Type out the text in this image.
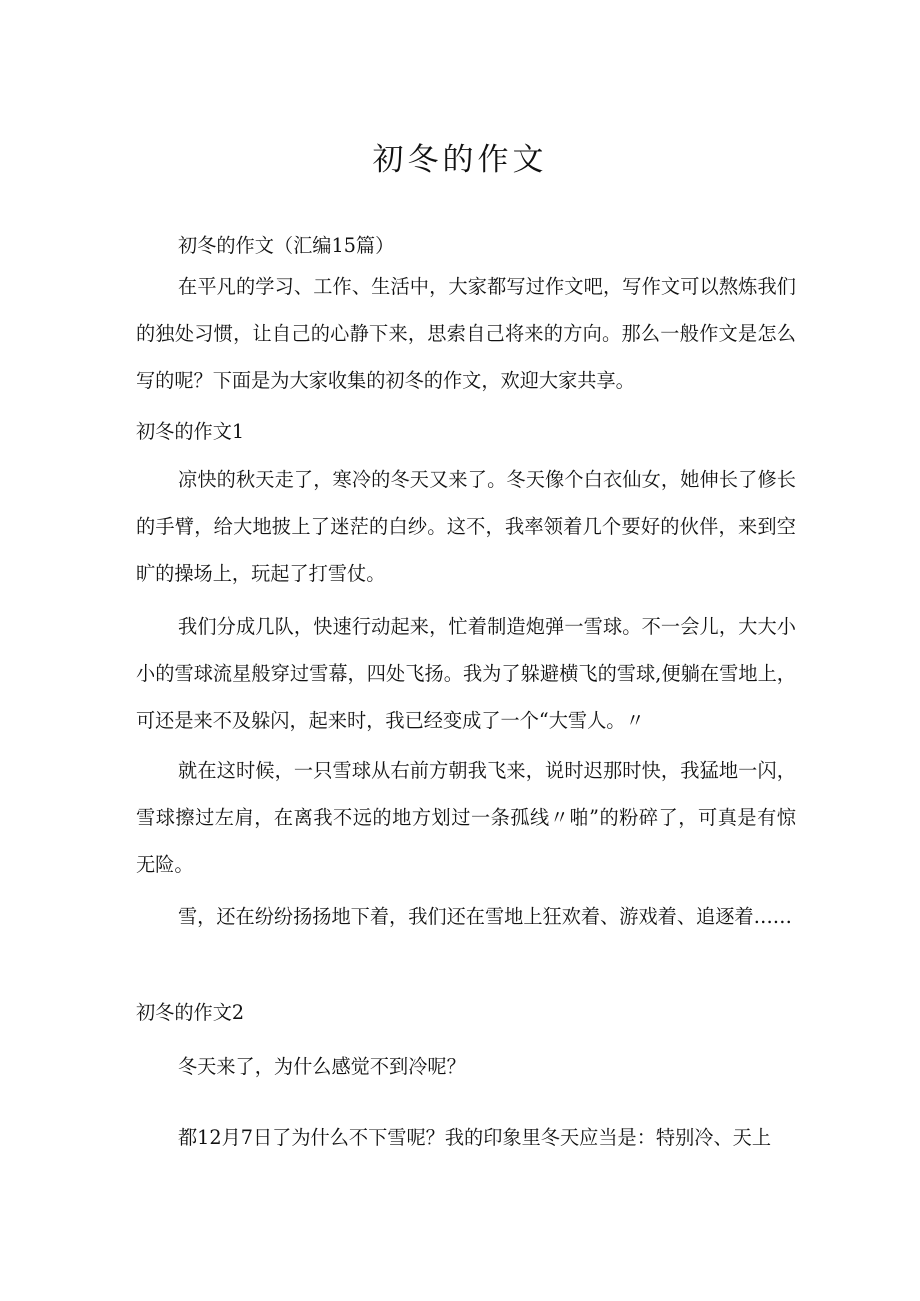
初冬的作文

初冬的作文（汇编15篇）

在平凡的学习、工作、生活中，大家都写过作文吧，写作文可以熬炼我们的独处习惯，让自己的心静下来，思索自己将来的方向。那么一般作文是怎么写的呢？下面是为大家收集的初冬的作文，欢迎大家共享。

初冬的作文1

凉快的秋天走了，寒冷的冬天又来了。冬天像个白衣仙女，她伸长了修长的手臂，给大地披上了迷茫的白纱。这不，我率领着几个要好的伙伴，来到空旷的操场上，玩起了打雪仗。

我们分成几队，快速行动起来，忙着制造炮弹一雪球。不一会儿，大大小小的雪球流星般穿过雪幕，四处飞扬。我为了躲避横飞的雪球,便躺在雪地上，可还是来不及躲闪，起来时，我已经变成了一个“大雪人。〃

就在这时候，一只雪球从右前方朝我飞来，说时迟那时快，我猛地一闪，雪球擦过左肩，在离我不远的地方划过一条孤线〃啪”的粉碎了，可真是有惊无险。

雪，还在纷纷扬扬地下着，我们还在雪地上狂欢着、游戏着、追逐着……

初冬的作文2

冬天来了，为什么感觉不到冷呢？

都12月7日了为什么不下雪呢？我的印象里冬天应当是：特别冷、天上
